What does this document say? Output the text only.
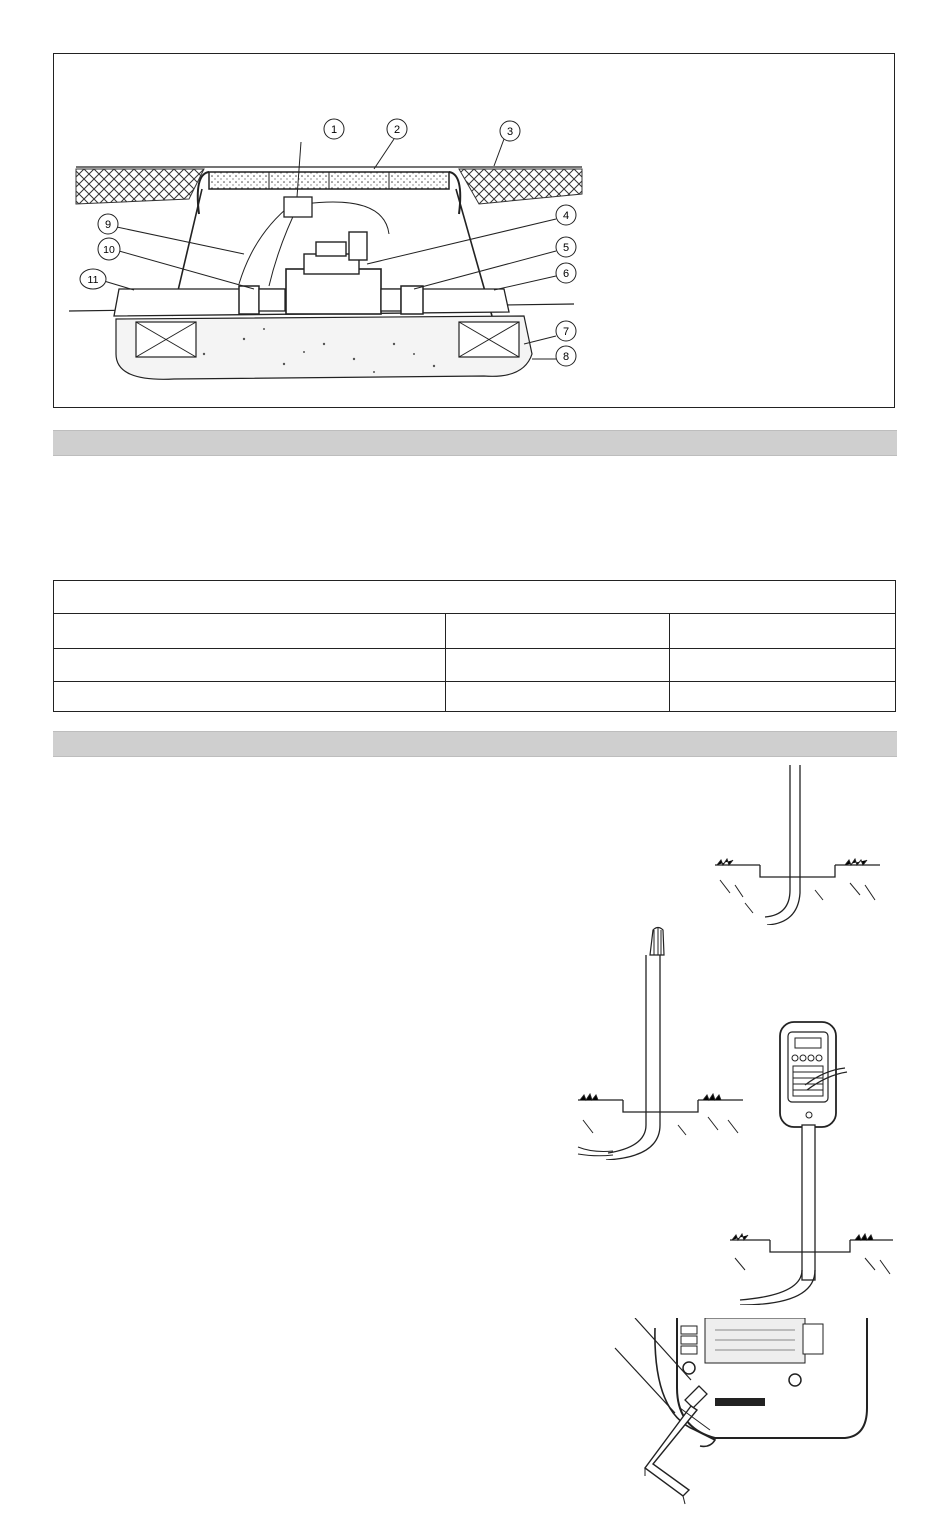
1	2	3
4
5
6
7
8
9
10
11
